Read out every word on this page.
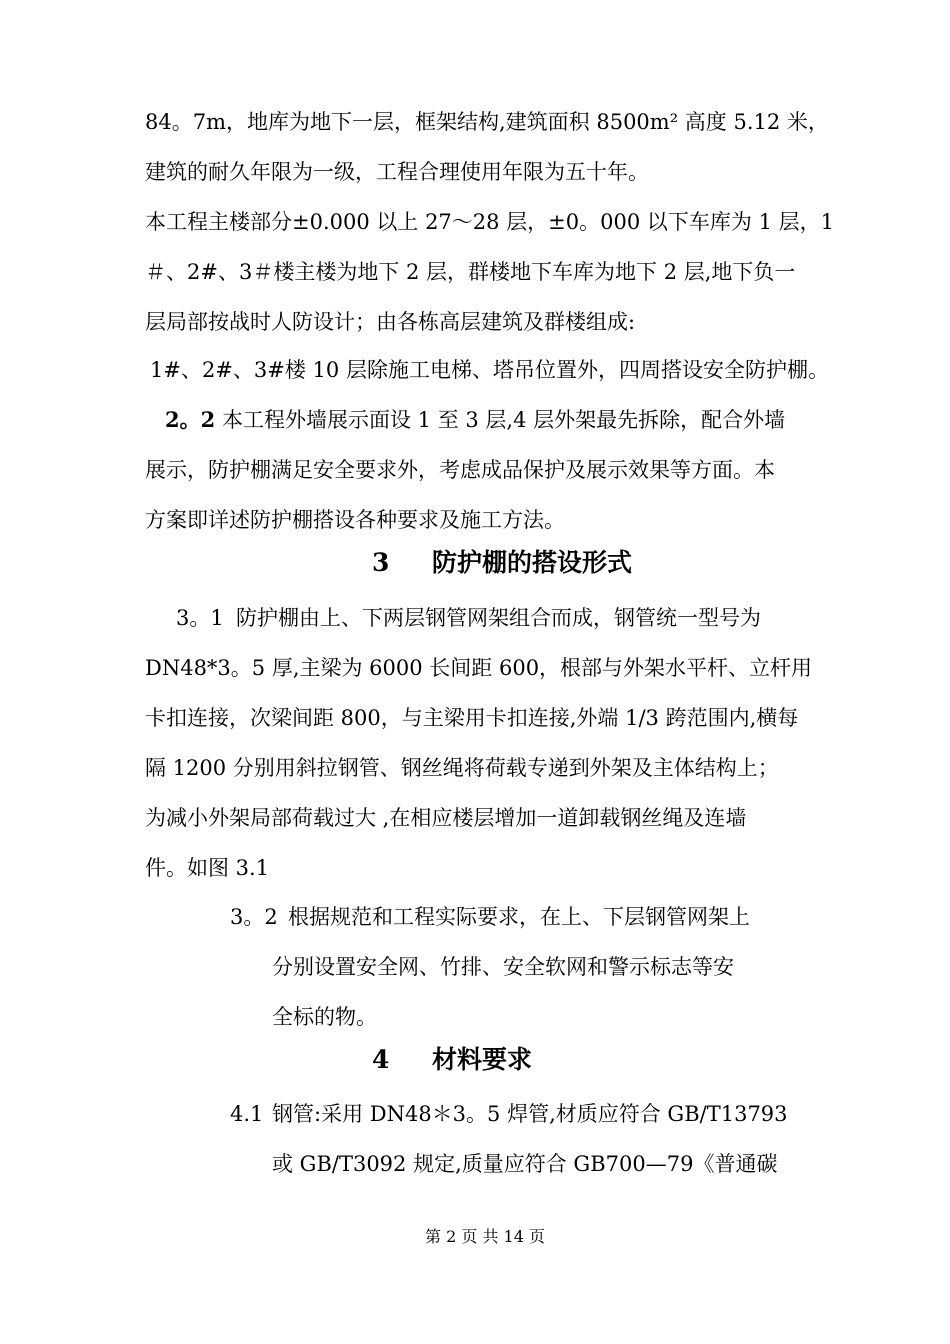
84。7m，地库为地下一层，框架结构,建筑面积 8500m² 高度 5.12 米，
建筑的耐久年限为一级，工程合理使用年限为五十年。
本工程主楼部分±0.000 以上 27～28 层，±0。000 以下车库为 1 层，1
＃、2#、3＃楼主楼为地下 2 层，群楼地下车库为地下 2 层,地下负一
层局部按战时人防设计；由各栋高层建筑及群楼组成:
1#、2#、3#楼 10 层除施工电梯、塔吊位置外，四周搭设安全防护棚。
2。2 本工程外墙展示面设 1 至 3 层,4 层外架最先拆除，配合外墙
展示，防护棚满足安全要求外，考虑成品保护及展示效果等方面。本
方案即详述防护棚搭设各种要求及施工方法。
3 防护棚的搭设形式
3。1 防护棚由上、下两层钢管网架组合而成，钢管统一型号为
DN48*3。5 厚,主梁为 6000 长间距 600，根部与外架水平杆、立杆用
卡扣连接，次梁间距 800，与主梁用卡扣连接,外端 1/3 跨范围内,横每
隔 1200 分别用斜拉钢管、钢丝绳将荷载专递到外架及主体结构上；
为减小外架局部荷载过大 ,在相应楼层增加一道卸载钢丝绳及连墙
件。如图 3.1
3。2 根据规范和工程实际要求，在上、下层钢管网架上
分别设置安全网、竹排、安全软网和警示标志等安
全标的物。
4 材料要求
4.1 钢管:采用 DN48＊3。5 焊管,材质应符合 GB/T13793
或 GB/T3092 规定,质量应符合 GB700—79《普通碳
第 2 页 共 14 页
